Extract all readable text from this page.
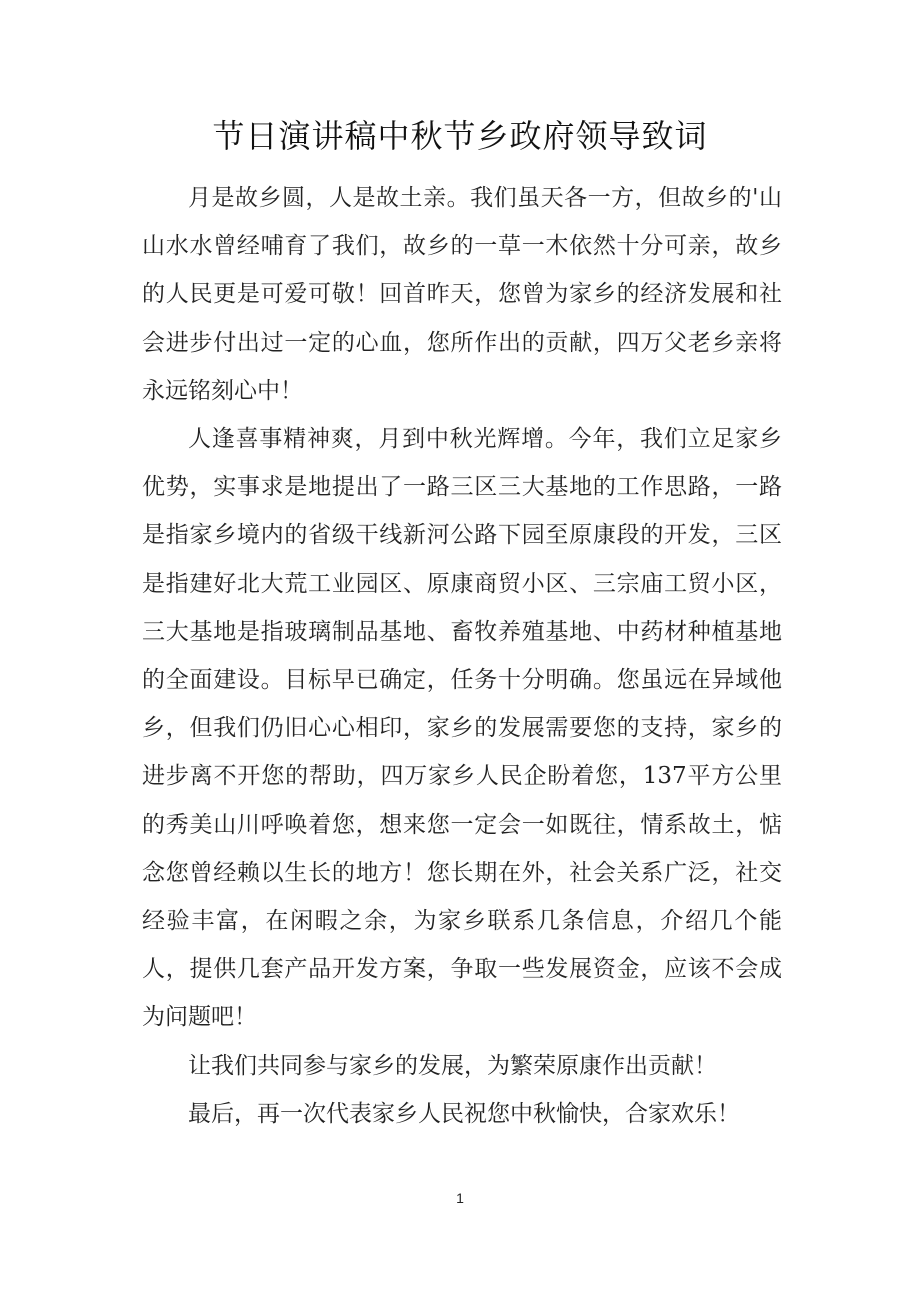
节日演讲稿中秋节乡政府领导致词

月是故乡圆，人是故土亲。我们虽天各一方，但故乡的'山山水水曾经哺育了我们，故乡的一草一木依然十分可亲，故乡的人民更是可爱可敬！回首昨天，您曾为家乡的经济发展和社会进步付出过一定的心血，您所作出的贡献，四万父老乡亲将永远铭刻心中！

人逢喜事精神爽，月到中秋光辉增。今年，我们立足家乡优势，实事求是地提出了一路三区三大基地的工作思路，一路是指家乡境内的省级干线新河公路下园至原康段的开发，三区是指建好北大荒工业园区、原康商贸小区、三宗庙工贸小区，三大基地是指玻璃制品基地、畜牧养殖基地、中药材种植基地的全面建设。目标早已确定，任务十分明确。您虽远在异域他乡，但我们仍旧心心相印，家乡的发展需要您的支持，家乡的进步离不开您的帮助，四万家乡人民企盼着您，137平方公里的秀美山川呼唤着您，想来您一定会一如既往，情系故土，惦念您曾经赖以生长的地方！您长期在外，社会关系广泛，社交经验丰富，在闲暇之余，为家乡联系几条信息，介绍几个能人，提供几套产品开发方案，争取一些发展资金，应该不会成为问题吧！

让我们共同参与家乡的发展，为繁荣原康作出贡献！

最后，再一次代表家乡人民祝您中秋愉快，合家欢乐！

1
